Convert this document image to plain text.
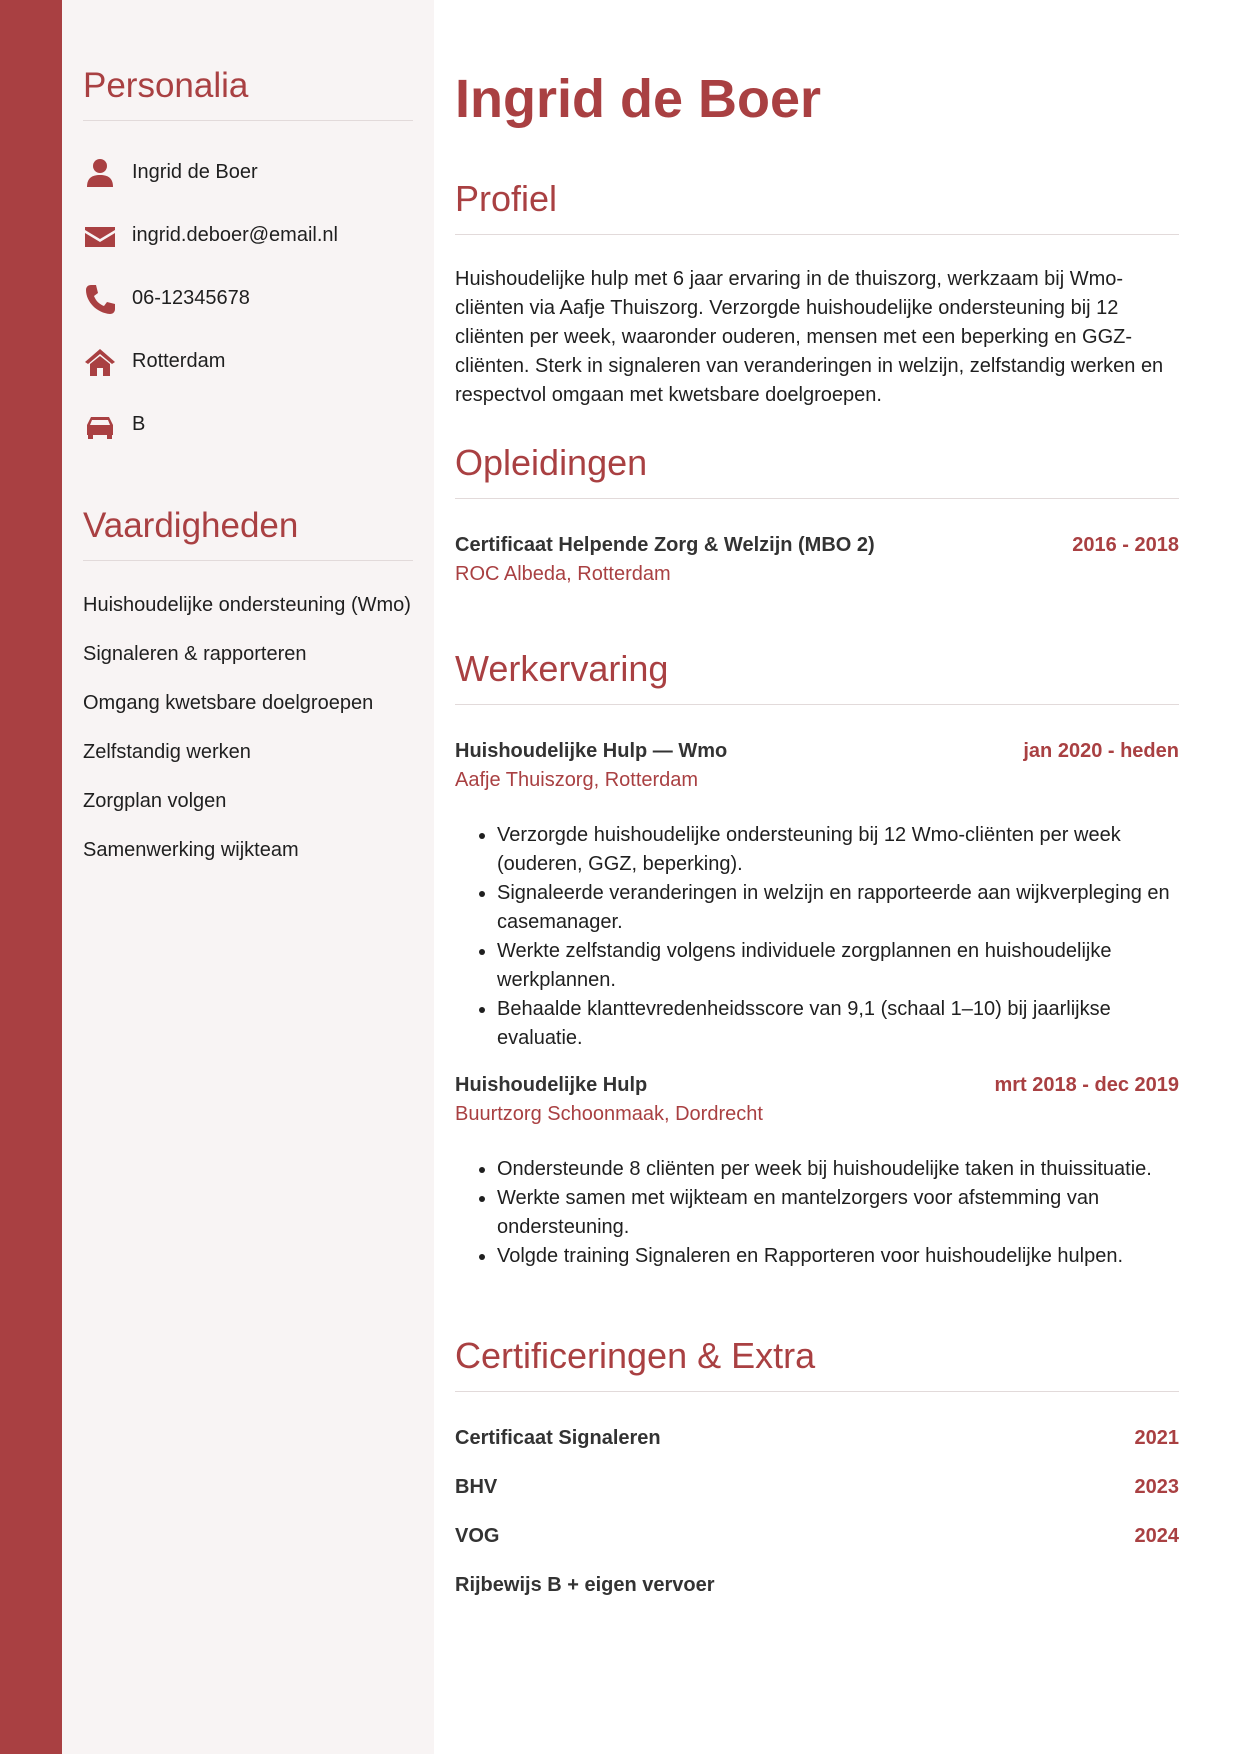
Personalia
Ingrid de Boer
ingrid.deboer@email.nl
06-12345678
Rotterdam
B
Vaardigheden
Huishoudelijke ondersteuning (Wmo)
Signaleren & rapporteren
Omgang kwetsbare doelgroepen
Zelfstandig werken
Zorgplan volgen
Samenwerking wijkteam
Ingrid de Boer
Profiel

Huishoudelijke hulp met 6 jaar ervaring in de thuiszorg, werkzaam bij Wmo-cliënten via Aafje Thuiszorg. Verzorgde huishoudelijke ondersteuning bij 12 cliënten per week, waaronder ouderen, mensen met een beperking en GGZ-cliënten. Sterk in signaleren van veranderingen in welzijn, zelfstandig werken en respectvol omgaan met kwetsbare doelgroepen.

Opleidingen
Certificaat Helpende Zorg & Welzijn (MBO 2)	2016 - 2018
ROC Albeda, Rotterdam
Werkervaring
Huishoudelijke Hulp — Wmo	jan 2020 - heden
Aafje Thuiszorg, Rotterdam
• Verzorgde huishoudelijke ondersteuning bij 12 Wmo-cliënten per week (ouderen, GGZ, beperking).
• Signaleerde veranderingen in welzijn en rapporteerde aan wijkverpleging en casemanager.
• Werkte zelfstandig volgens individuele zorgplannen en huishoudelijke werkplannen.
• Behaalde klanttevredenheidsscore van 9,1 (schaal 1–10) bij jaarlijkse evaluatie.
Huishoudelijke Hulp	mrt 2018 - dec 2019
Buurtzorg Schoonmaak, Dordrecht
• Ondersteunde 8 cliënten per week bij huishoudelijke taken in thuissituatie.
• Werkte samen met wijkteam en mantelzorgers voor afstemming van ondersteuning.
• Volgde training Signaleren en Rapporteren voor huishoudelijke hulpen.
Certificeringen & Extra
Certificaat Signaleren	2021
BHV	2023
VOG	2024
Rijbewijs B + eigen vervoer
